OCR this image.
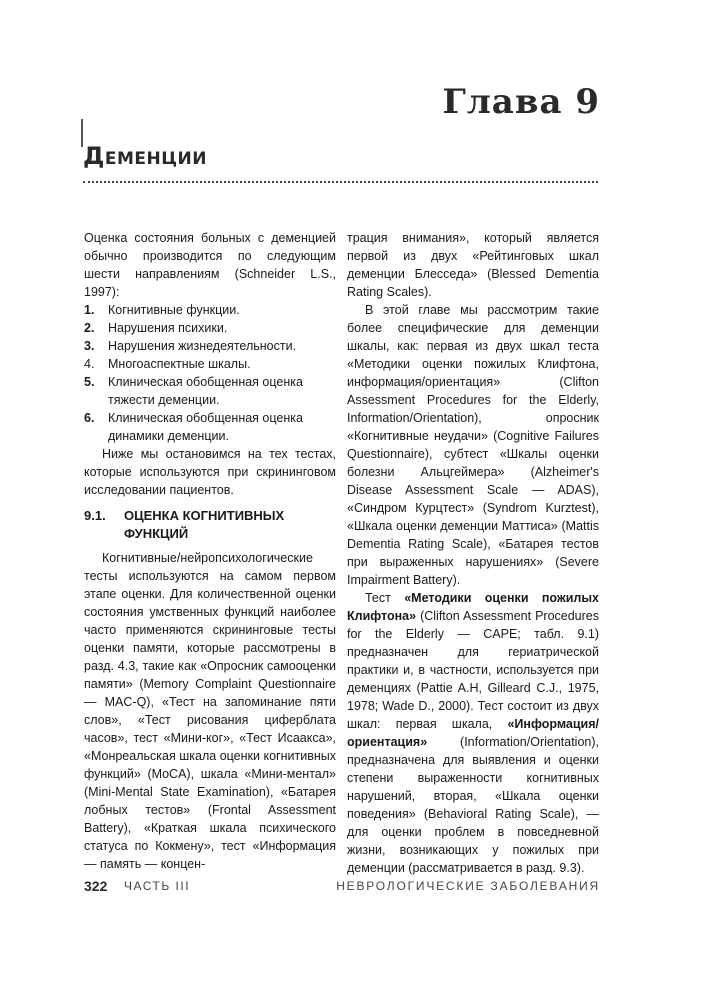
Глава 9
Деменции

Оценка состояния больных с деменцией обычно производится по следующим шести направлениям (Schneider L.S., 1997):

1. Когнитивные функции.
2. Нарушения психики.
3. Нарушения жизнедеятельности.
4. Многоаспектные шкалы.
5. Клиническая обобщенная оценка тяжести деменции.
6. Клиническая обобщенная оценка динамики деменции.

Ниже мы остановимся на тех тестах, которые используются при скрининговом исследовании пациентов.

9.1.	ОЦЕНКА КОГНИТИВНЫХ ФУНКЦИЙ

Когнитивные/нейропсихологические тесты используются на самом первом этапе оценки. Для количественной оценки состояния умственных функций наиболее часто применяются скрининговые тесты оценки памяти, которые рассмотрены в разд. 4.3, такие как «Опросник самооценки памяти» (Memory Complaint Questionnaire — MAC-Q), «Тест на запоминание пяти слов», «Тест рисования циферблата часов», тест «Мини-ког», «Тест Исаакса», «Монреальская шкала оценки когнитивных функций» (MoCA), шкала «Мини-ментал» (Mini-Mental State Examination), «Батарея лобных тестов» (Frontal Assessment Battery), «Краткая шкала психического статуса по Кокмену», тест «Информация — память — концен-

трация внимания», который является первой из двух «Рейтинговых шкал деменции Блесседа» (Blessed Dementia Rating Scales).

В этой главе мы рассмотрим такие более специфические для деменции шкалы, как: первая из двух шкал теста «Методики оценки пожилых Клифтона, информация/ориентация» (Clifton Assessment Procedures for the Elderly, Information/Orientation), опросник «Когнитивные неудачи» (Cognitive Failures Questionnaire), субтест «Шкалы оценки болезни Альцгеймера» (Alzheimer's Disease Assessment Scale — ADAS), «Синдром Курцтест» (Syndrom Kurztest), «Шкала оценки деменции Маттиса» (Mattis Dementia Rating Scale), «Батарея тестов при выраженных нарушениях» (Severe Impairment Battery).

Тест «Методики оценки пожилых Клифтона» (Clifton Assessment Procedures for the Elderly — CAPE; табл. 9.1) предназначен для гериатрической практики и, в частности, используется при деменциях (Pattie A.H, Gilleard C.J., 1975, 1978; Wade D., 2000). Тест состоит из двух шкал: первая шкала, «Информация/ориентация» (Information/Orientation), предназначена для выявления и оценки степени выраженности когнитивных нарушений, вторая, «Шкала оценки поведения» (Behavioral Rating Scale), — для оценки проблем в повседневной жизни, возникающих у пожилых при деменции (рассматривается в разд. 9.3).

322 ЧАСТЬ III	НЕВРОЛОГИЧЕСКИЕ ЗАБОЛЕВАНИЯ
